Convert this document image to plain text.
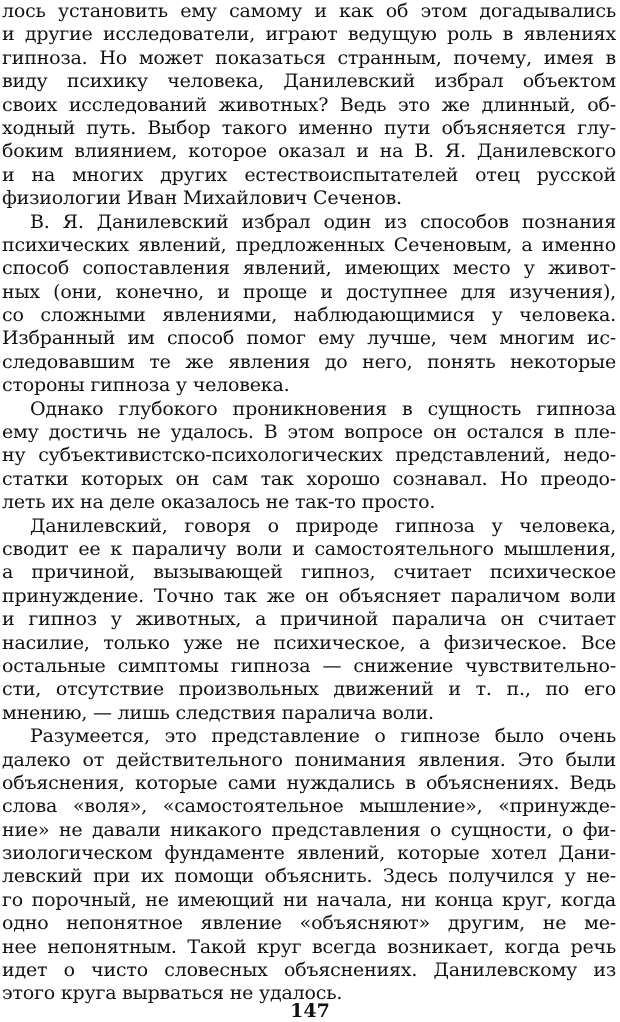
лось установить ему самому и как об этом догадывались
и другие исследователи, играют ведущую роль в явлениях
гипноза. Но может показаться странным, почему, имея в
виду психику человека, Данилевский избрал объектом
своих исследований животных? Ведь это же длинный, об-
ходный путь. Выбор такого именно пути объясняется глу-
боким влиянием, которое оказал и на В. Я. Данилевского
и на многих других естествоиспытателей отец русской
физиологии Иван Михайлович Сеченов.
В. Я. Данилевский избрал один из способов познания
психических явлений, предложенных Сеченовым, а именно
способ сопоставления явлений, имеющих место у живот-
ных (они, конечно, и проще и доступнее для изучения),
со сложными явлениями, наблюдающимися у человека.
Избранный им способ помог ему лучше, чем многим ис-
следовавшим те же явления до него, понять некоторые
стороны гипноза у человека.
Однако глубокого проникновения в сущность гипноза
ему достичь не удалось. В этом вопросе он остался в пле-
ну субъективистско-психологических представлений, недо-
статки которых он сам так хорошо сознавал. Но преодо-
леть их на деле оказалось не так-то просто.
Данилевский, говоря о природе гипноза у человека,
сводит ее к параличу воли и самостоятельного мышления,
а причиной, вызывающей гипноз, считает психическое
принуждение. Точно так же он объясняет параличом воли
и гипноз у животных, а причиной паралича он считает
насилие, только уже не психическое, а физическое. Все
остальные симптомы гипноза — снижение чувствительно-
сти, отсутствие произвольных движений и т. п., по его
мнению, — лишь следствия паралича воли.
Разумеется, это представление о гипнозе было очень
далеко от действительного понимания явления. Это были
объяснения, которые сами нуждались в объяснениях. Ведь
слова «воля», «самостоятельное мышление», «принужде-
ние» не давали никакого представления о сущности, о фи-
зиологическом фундаменте явлений, которые хотел Дани-
левский при их помощи объяснить. Здесь получился у не-
го порочный, не имеющий ни начала, ни конца круг, когда
одно непонятное явление «объясняют» другим, не ме-
нее непонятным. Такой круг всегда возникает, когда речь
идет о чисто словесных объяснениях. Данилевскому из
этого круга вырваться не удалось.
147
